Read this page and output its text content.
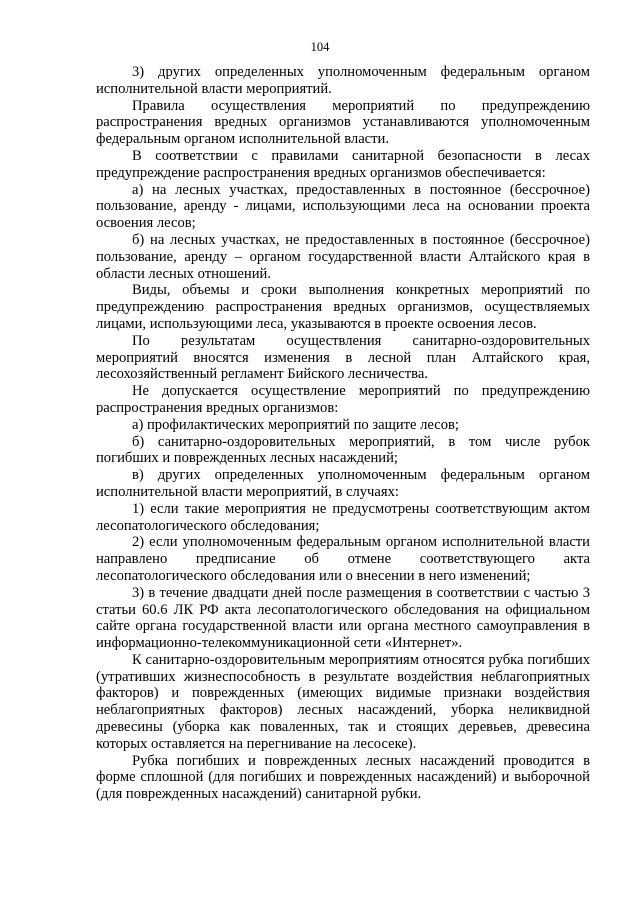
104

3) других определенных уполномоченным федеральным органом исполнительной власти мероприятий.

Правила осуществления мероприятий по предупреждению распространения вредных организмов устанавливаются уполномоченным федеральным органом исполнительной власти.

В соответствии с правилами санитарной безопасности в лесах предупреждение распространения вредных организмов обеспечивается:

а) на лесных участках, предоставленных в постоянное (бессрочное) пользование, аренду - лицами, использующими леса на основании проекта освоения лесов;

б) на лесных участках, не предоставленных в постоянное (бессрочное) пользование, аренду – органом государственной власти Алтайского края в области лесных отношений.

Виды, объемы и сроки выполнения конкретных мероприятий по предупреждению распространения вредных организмов, осуществляемых лицами, использующими леса, указываются в проекте освоения лесов.

По результатам осуществления санитарно-оздоровительных мероприятий вносятся изменения в лесной план Алтайского края, лесохозяйственный регламент Бийского лесничества.

Не допускается осуществление мероприятий по предупреждению распространения вредных организмов:

а) профилактических мероприятий по защите лесов;

б) санитарно-оздоровительных мероприятий, в том числе рубок погибших и поврежденных лесных насаждений;

в) других определенных уполномоченным федеральным органом исполнительной власти мероприятий, в случаях:

1) если такие мероприятия не предусмотрены соответствующим актом лесопатологического обследования;

2) если уполномоченным федеральным органом исполнительной власти направлено предписание об отмене соответствующего акта лесопатологического обследования или о внесении в него изменений;

3) в течение двадцати дней после размещения в соответствии с частью 3 статьи 60.6 ЛК РФ акта лесопатологического обследования на официальном сайте органа государственной власти или органа местного самоуправления в информационно-телекоммуникационной сети «Интернет».

К санитарно-оздоровительным мероприятиям относятся рубка погибших (утративших жизнеспособность в результате воздействия неблагоприятных факторов) и поврежденных (имеющих видимые признаки воздействия неблагоприятных факторов) лесных насаждений, уборка неликвидной древесины (уборка как поваленных, так и стоящих деревьев, древесина которых оставляется на перегнивание на лесосеке).

Рубка погибших и поврежденных лесных насаждений проводится в форме сплошной (для погибших и поврежденных насаждений) и выборочной (для поврежденных насаждений) санитарной рубки.
